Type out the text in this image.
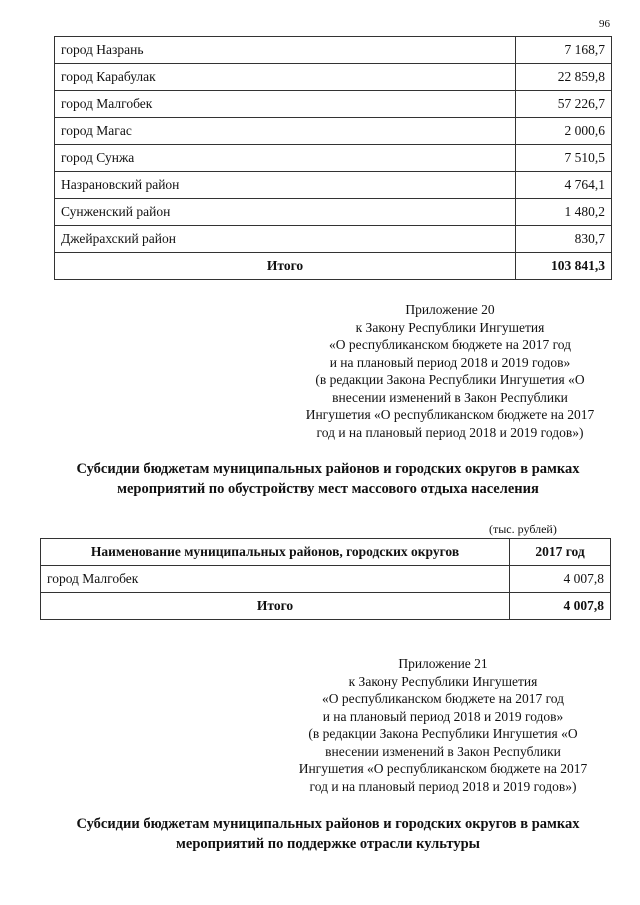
96
город Назрань	7 168,7
город Карабулак	22 859,8
город Малгобек	57 226,7
город Магас	2 000,6
город Сунжа	7 510,5
Назрановский район	4 764,1
Сунженский район	1 480,2
Джейрахский район	830,7
Итого	103 841,3
Приложение 20
к Закону Республики Ингушетия
«О республиканском бюджете на 2017 год
и на плановый период 2018 и 2019 годов»
(в редакции Закона Республики Ингушетия «О
внесении изменений в Закон Республики
Ингушетия «О республиканском бюджете на 2017
год и на плановый период 2018 и 2019 годов»)
Субсидии бюджетам муниципальных районов и городских округов в рамках
мероприятий по обустройству мест массового отдыха населения
(тыс. рублей)
Наименование муниципальных районов, городских округов	2017 год
город Малгобек	4 007,8
Итого	4 007,8
Приложение 21
к Закону Республики Ингушетия
«О республиканском бюджете на 2017 год
и на плановый период 2018 и 2019 годов»
(в редакции Закона Республики Ингушетия «О
внесении изменений в Закон Республики
Ингушетия «О республиканском бюджете на 2017
год и на плановый период 2018 и 2019 годов»)
Субсидии бюджетам муниципальных районов и городских округов в рамках
мероприятий по поддержке отрасли культуры
